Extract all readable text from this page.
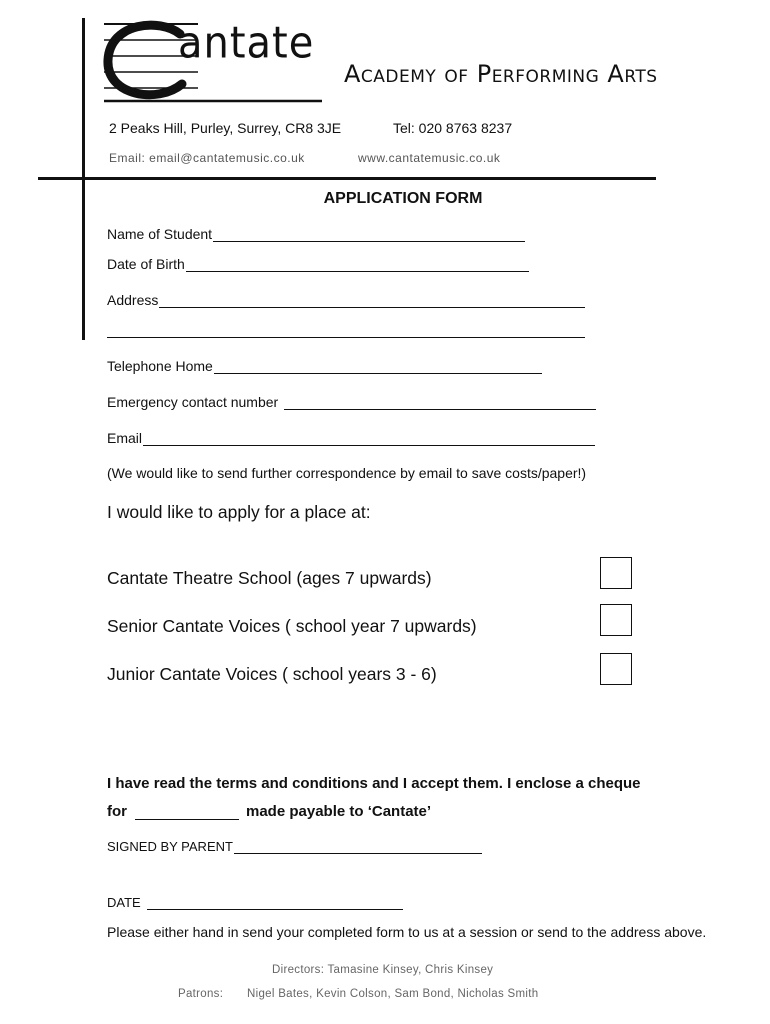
antate
Academy of Performing Arts
2 Peaks Hill, Purley, Surrey, CR8 3JE	Tel: 020 8763 8237
Email: email@cantatemusic.co.uk	www.cantatemusic.co.uk
APPLICATION FORM
Name of Student
Date of Birth
Address
Telephone Home
Emergency contact number
Email
(We would like to send further correspondence by email to save costs/paper!)
I would like to apply for a place at:
Cantate Theatre School (ages 7 upwards)
Senior Cantate Voices ( school year 7 upwards)
Junior Cantate Voices ( school years 3 - 6)
I have read the terms and conditions and I accept them. I enclose a cheque
for	made payable to ‘Cantate’
SIGNED BY PARENT
DATE
Please either hand in send your completed form to us at a session or send to the address above.
Directors: Tamasine Kinsey, Chris Kinsey
Patrons: Nigel Bates, Kevin Colson, Sam Bond, Nicholas Smith
